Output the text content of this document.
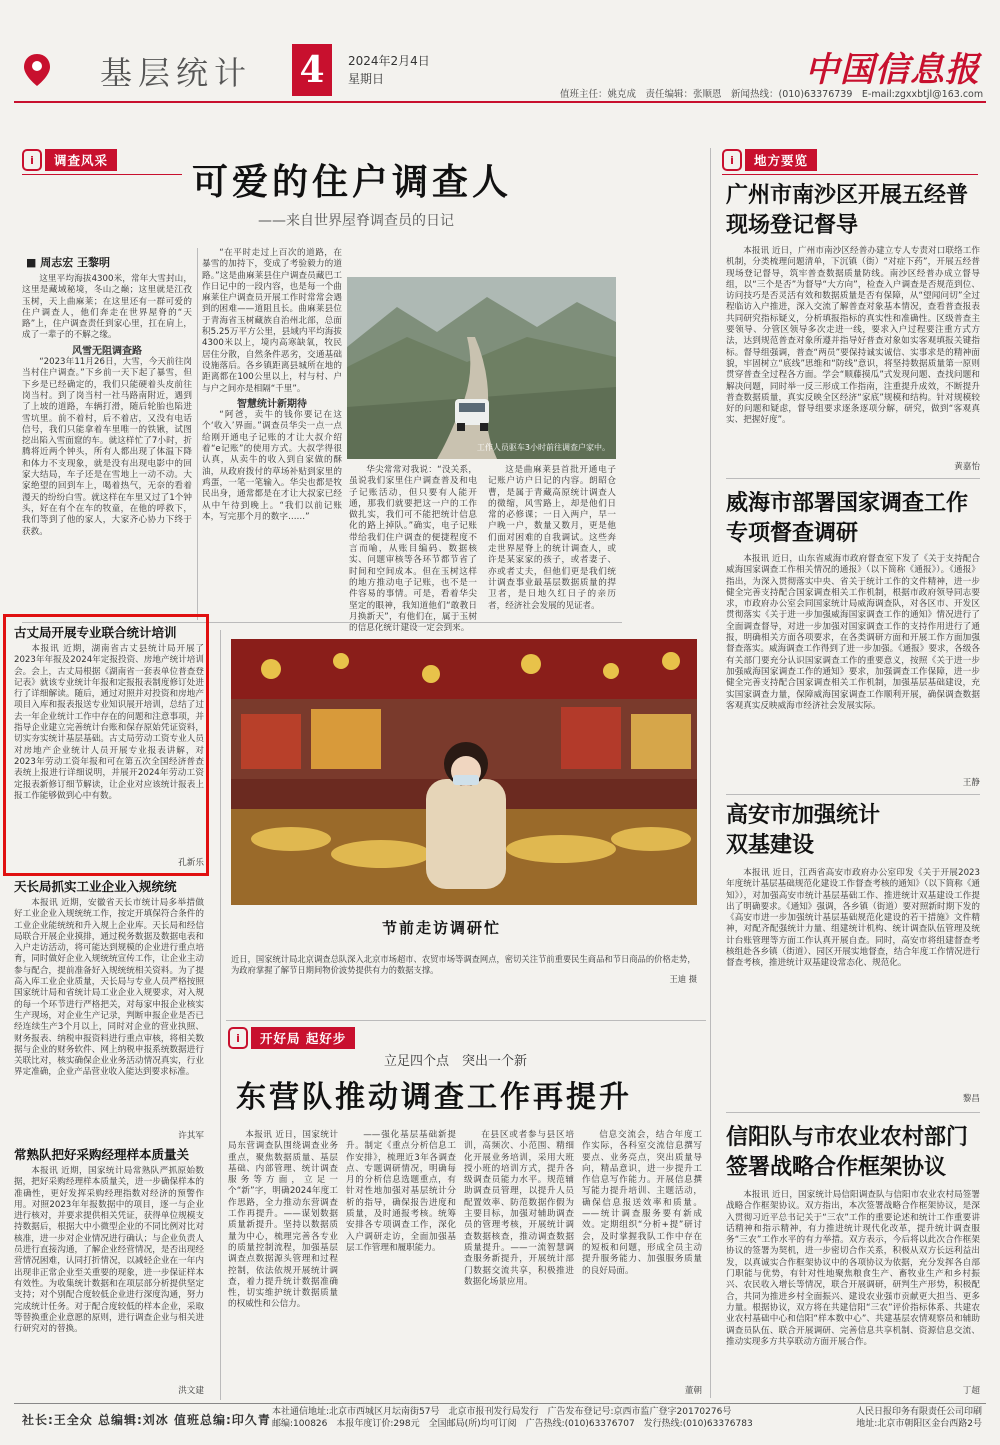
基层统计 4	2024年2月4日
星期日	中国信息报
值班主任：姚克成　责任编辑：张顺恩　新闻热线：(010)63376739　E-mail:zgxxbtjl@163.com
i	调查风采
可爱的住户调查人
——来自世界屋脊调查员的日记
i	地方要览
■ 周志宏 王黎明

这里平均海拔4300米，常年大雪封山，这里是藏域秘境，冬山之巅；这里就是江孜玉树，天上曲麻莱；在这里还有一群可爱的住户调查人，他们奔走在世界屋脊的“天路”上，住户调查责任到家心里，扛在肩上，成了一辈子的不解之缘。

风雪无阻调查路

“2023年11月26日，大雪，今天前往岗当村住户调查。”下乡前一天下起了暴雪，但下乡是已经确定的，我们只能硬着头皮前往岗当村。到了岗当村一社马路南附近，遇到了上坡的道路，车辆打滑，随后轮胎也陷进雪坑里。前不着村，后不着店，又没有电话信号，我们只能拿着车里唯一的铁锹，试图挖出陷入雪面窟的车。就这样忙了7小时，折腾将近两个钟头，所有人都出现了体温下降和体力不支现象，就是没有出现电影中的回家大结局，车子还是在雪地上一动不动。大家绝望的回到车上，喝着热气，无奈的看着漫天的纷纷白雪。就这样在车里又过了1个钟头，好在有个在车的牧童，在他的呼救下，我们等到了他的家人，大家齐心协力下终于获救。

“在平时走过上百次的道路，在暴雪的加持下，变成了考验毅力的道路。”这是曲麻莱县住户调查员藏巴工作日记中的一段内容，也是每一个曲麻莱住户调查员开展工作时常常会遇到的困难——道阻且长。曲麻莱县位于青海省玉树藏族自治州北部，总面积5.25万平方公里，县域内平均海拔4300米以上，境内高寒缺氧，牧民居住分散，自然条件恶劣，交通基础设施落后。各乡镇距离县城所在地的距离都在100公里以上，村与村、户与户之间亦是相隔“千里”。

智慧统计新期待

“阿爸，卖牛的钱你要记在这个‘收入’界面。”调查员华尖一点一点给刚开通电子记账的才让大叔介绍着“e记账”的使用方式。大叔学得很认真，从卖牛的收入到自家做的酥油，从政府拨付的草场补贴到家里的鸡蛋，一笔一笔输入。华尖也都是牧民出身，通常都是在才让大叔家已经从中午待到晚上。“我们以前记账本，写完那个月的数字……”

工作人员驱车3小时前往调查户家中。

华尖常常对我说：“没关系，虽说我们家里住户调查普及和电子记账活动，但只要有人能开通，那我们就要把这一户的工作做扎实，我们可不能把统计信息化的路上掉队。”确实，电子记账带给我们住户调查的便捷程度不言而喻，从账目编码、数据核实、问题审核等各环节都节省了时间和空间成本。但在玉树这样的地方推动电子记账，也不是一件容易的事情。可是，看着华尖坚定的眼神，我知道他们“敢教日月换新天”，有他们在，属于玉树的信息化统计建设一定会到来。

这是曲麻莱县首批开通电子记账户访户日记的内容。朗昭仓曹，是属于青藏高原统计调查人的微缩，风雪路上，却是他们日常的必修课；一日入两户，早一户晚一户，数量又数月，更是他们面对困难的自我调试。这些奔走世界屋脊上的统计调查人，或许是某家家的孩子，或者妻子、亦或者丈夫，但他们更是我们统计调查事业最基层数据质量的捍卫者，是日地久红日子的亲历者，经济社会发展的见证者。

古丈局开展专业联合统计培训

本报讯 近期，湖南省古丈县统计局开展了2023年年报及2024年定报投资、房地产统计培训会。会上，古丈局根据《湖南省一套表单位普查登记表》就该专业统计年报和定报报表制度修订处进行了详细解读。随后，通过对照并对投资和房地产项目入库和报表报送专业知识展开培训，总结了过去一年企业统计工作中存在的问题和注意事项，并指导企业建立完善统计台账和保存原始凭证资料，切实夯实统计基层基础。古丈局劳动工资专业人员对房地产企业统计人员开展专业报表讲解，对2023年劳动工资年报和可在第五次全国经济普查表统上报进行详细说明，并展开2024年劳动工资定报表新修订细节解读，让企业对应该统计报表上报工作能够做到心中有数。

孔新乐
天长局抓实工业企业入规统统

本报讯 近期，安徽省天长市统计局多举措做好工业企业入规统统工作，按定开填保符合条件的工业企业能统统和升入规上企业库。天长局和经信局联合开展企业摸排，通过税务数据及数据电表和入户走访活动，将可能达到规模的企业进行重点培育，同时做好企业入规统统宣传工作，让企业主动参与配合，提前准备好入规统统相关资料。为了提高入库工业企业质量，天长局与专业人员严格按照国家统计局和省统计局工业企业入规要求，对入规的每一个环节进行严格把关，对每家申报企业核实生产现场，对企业生产记录，判断申报企业是否已经连续生产3个月以上，同时对企业的营业执照、财务报表、纳税申报资料进行重点审核，将相关数据与企业的财务软件、网上纳税申报系统数据进行关联比对，核实确保企业业务活动情况真实，行业界定准确，企业产品营业收入能达到要求标准。

许其军
常熟队把好采购经理样本质量关

本报讯 近期，国家统计局常熟队严抓原始数据，把好采购经理样本质量关，进一步确保样本的准确性，更好发挥采购经理指数对经济的预警作用。对照2023年年报数据中的项目，逐一与企业进行核对，并要求提供相关凭证，获得单位规模支持数据后，根据大中小微型企业的不同比例对比对核准，进一步对企业情况进行确认；与企业负责人员进行直接沟通，了解企业经营情况，是否出现经营情况困难，认同打折情况，以减轻企业在一年内出现非正常企业至关重要的现象，进一步保证样本有效性。为收集统计数据和在项层部分析提供坚定支持；对个别配合度较低企业进行深度沟通，努力完成统计任务。对于配合度较低的样本企业，采取等替换重企业意愿的原则，进行调查企业与相关进行研究对的替换。

洪文建
节前走访调研忙
近日，国家统计局北京调查总队深入北京市场超市、农贸市场等调查网点，密切关注节前重要民生商品和节日商品的价格走势，为政府掌握了解节日期间物价波势提供有力的数据支撑。
王迪 摄
i	开好局 起好步
立足四个点　突出一个新
东营队推动调查工作再提升

本报讯 近日，国家统计局东营调查队围绕调查业务重点，聚焦数据质量、基层基础、内部管理、统计调查服务等方面，立足一个“新”字，明确2024年度工作思路，全力推动东营调查工作再提升。——谋划数据质量新提升。坚持以数据质量为中心，梳理完善各专业的质量控制流程，加强基层调查点数据源头管理和过程控制，依法依规开展统计调查，着力提升统计数据准确性，切实维护统计数据质量的权威性和公信力。

——强化基层基础新提升。制定《重点分析信息工作安排》，梳理近3年各调查点、专题调研情况，明确每月的分析信息选题重点，有针对性地加强对基层统计分析的指导，确保报告进度和质量，及时通报考核。统筹安排各专项调查工作，深化入户调研走访，全面加强基层工作管理和履职能力。

在县区或者参与县区培训，高频次、小范围、精细化开展业务培训，采用大班授小班的培训方式，提升各级调查员能力水平。规范辅助调查员管理，以提升人员配置效率、防范数据作假为主要目标，加强对辅助调查员的管理考核，开展统计调查数据核查，推动调查数据质量提升。——一流智慧调查服务新提升，开展统计部门数据交流共享，积极推进数据化场景应用。

信息交流会，结合年度工作实际，各科室交流信息撰写要点、业务亮点，突出质量导向，精品意识，进一步提升工作信息写作能力。开展信息撰写能力提升培训、主题活动，确保信息报送效率和质量。——统计调查服务要有新成效。定期组织“分析+提”研讨会，及时掌握我队工作中存在的短板和问题，形成全员主动提升服务能力、加强服务质量的良好局面。

董朝
广州市南沙区开展五经普现场登记督导

本报讯 近日，广州市南沙区经普办建立专人专责对口联络工作机制，分类梳理问题清单，下沉镇（街）“对症下药”，开展五经普现场登记督导，筑牢普查数据质量防线。南沙区经普办成立督导组，以“三个是否”为督导“大方向”，检查入户调查是否规范到位、访问技巧是否灵活有效和数据质量是否有保障，从“望闻问切”全过程临访入户推进，深入交流了解普查对象基本情况，查看普查报表共同研究指标疑义，分析填报指标的真实性和准确性。区级普查主要领导、分管区领导多次走进一线，要求入户过程要注重方式方法，达到规范普查对象所遵并指导好普查对象如实客观填报关键指标。督导组强调，普查“两员”要保持诚实诚信、实事求是的精神面貌，牢固树立“底线”思维和“防线”意识，将坚持数据质量第一原则贯穿普查全过程各方面。学会“顺藤摸瓜”式发现问题、查找问题和解决问题，同时举一反三形成工作指南，注重提升成效，不断提升普查数据质量，真实反映全区经济“家底”规模和结构。针对规模较好的问题和疑虑，督导组要求逐条逐项分解，研究，做到“客观真实、把握好度”。

黄嘉怡
威海市部署国家调查工作专项督查调研

本报讯 近日，山东省威海市政府督查室下发了《关于支持配合威海国家调查工作相关情况的通报》（以下简称《通报》）。《通报》指出，为深入贯彻落实中央、省关于统计工作的文件精神，进一步健全完善支持配合国家调查相关工作机制，根据市政府领导同志要求，市政府办公室会同国家统计局威海调查队，对各区市、开发区贯彻落实《关于进一步加强威海国家调查工作的通知》情况进行了全面调查督导，对进一步加强对国家调查工作的支持作用进行了通报，明确相关方面各项要求，在各类调研方面和开展工作方面加强督查落实。威海调查工作得到了进一步加强。《通报》要求，各级各有关部门要充分认识国家调查工作的重要意义，按照《关于进一步加强威海国家调查工作的通知》要求，加强调查工作保障，进一步健全完善支持配合国家调查相关工作机制，加强基层基础建设，充实国家调查力量，保障威海国家调查工作顺利开展，确保调查数据客观真实反映威海市经济社会发展实际。

王静
高安市加强统计双基建设

本报讯 近日，江西省高安市政府办公室印发《关于开展2023年度统计基层基础规范化建设工作督查考核的通知》（以下简称《通知》），对加强高安市统计基层基础工作、推进统计双基建设工作提出了明确要求。《通知》强调，各乡镇（街道）要对照新时期下发的《高安市进一步加强统计基层基础规范化建设的若干措施》文件精神，对配齐配强统计力量、组建统计机构、统计调查队伍管理及统计台账管理等方面工作认真开展自查。同时，高安市将组建督查考核组赴各乡镇（街道）、园区开展实地督查，结合年度工作情况进行督查考核，推进统计双基建设常态化、规范化。

黎昌
信阳队与市农业农村部门签署战略合作框架协议

本报讯 近日，国家统计局信阳调查队与信阳市农业农村局签署战略合作框架协议。双方指出，本次签署战略合作框架协议，是深入贯彻习近平总书记关于“三农”工作的重要论述和统计工作重要讲话精神和指示精神，有力推进统计现代化改革，提升统计调查服务“三农”工作水平的有力举措。双方表示，今后将以此次合作框架协议的签署为契机，进一步密切合作关系，积极从双方长远利益出发，以真诚实合作框架协议中的各项协议为依据，充分发挥各自部门职能与优势，有针对性地聚焦粮食生产、畜牧业生产和乡村振兴、农民收入增长等情况，联合开展调研，研判生产形势，积极配合，共同为推进乡村全面振兴、建设农业强市贡献更大担当、更多力量。根据协议，双方将在共建信阳“三农”评价指标体系、共建农业农村基础中心和信阳“样本数中心”、共建基层农情观察员和辅助调查员队伍、联合开展调研、完善信息共享机制、资源信息交流、推动实现多方共享联动方面开展合作。

丁超
社长:王全众 总编辑:刘冰 值班总编:印久青
本社通信地址:北京市西城区月坛南街57号　北京市报刊发行局发行　广告发布登记号:京西市监广登字20170276号
邮编:100826　本报年度订价:298元　全国邮局(所)均可订阅　广告热线:(010)63376707　发行热线:(010)63376783
人民日报印务有限责任公司印刷
地址:北京市朝阳区金台西路2号
